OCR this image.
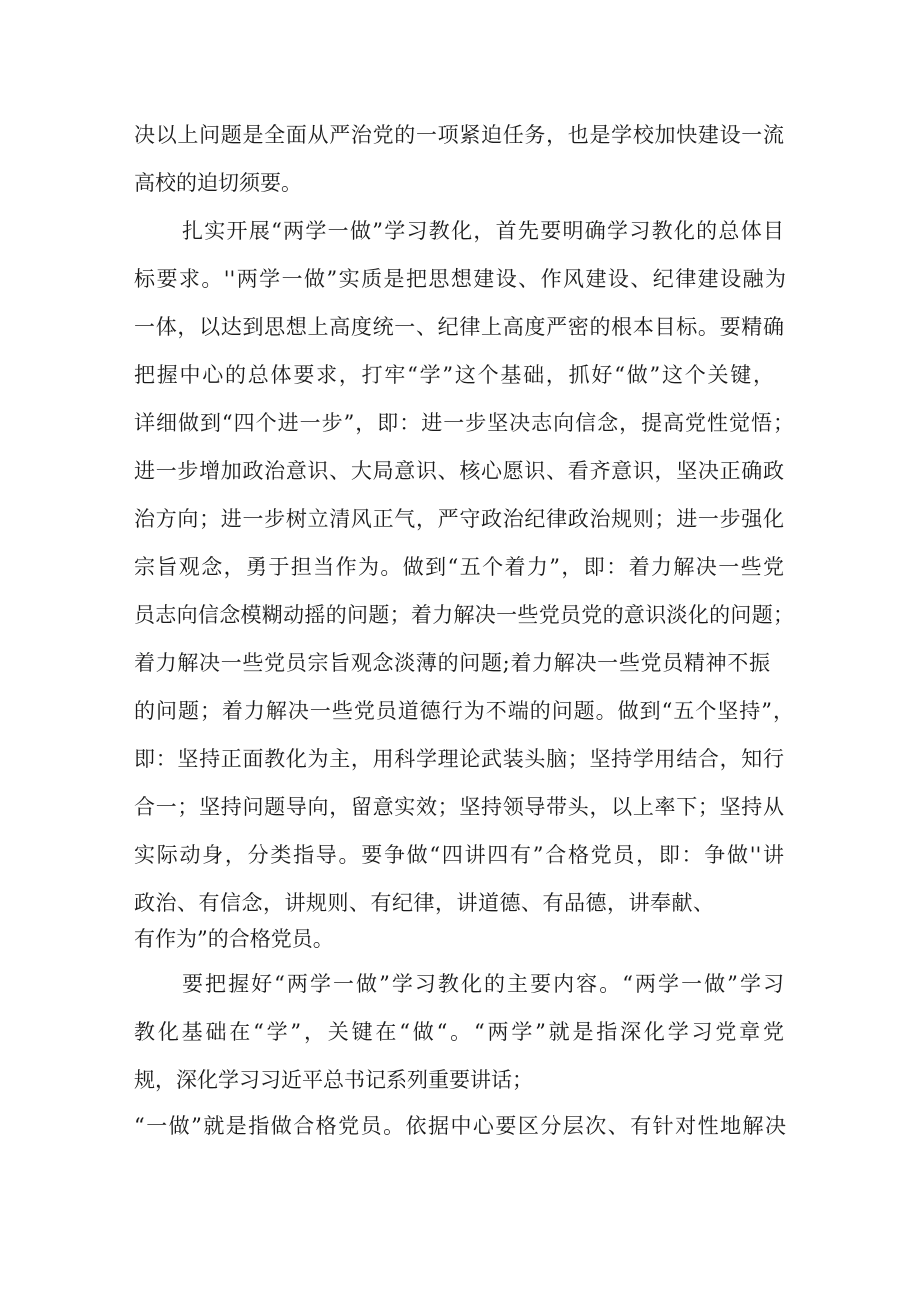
决以上问题是全面从严治党的一项紧迫任务，也是学校加快建设一流
高校的迫切须要。
扎实开展“两学一做”学习教化，首先要明确学习教化的总体目
标要求。''两学一做”实质是把思想建设、作风建设、纪律建设融为
一体，以达到思想上高度统一、纪律上高度严密的根本目标。要精确
把握中心的总体要求，打牢“学”这个基础，抓好“做”这个关键，
详细做到“四个进一步”，即：进一步坚决志向信念，提高党性觉悟；
进一步增加政治意识、大局意识、核心愿识、看齐意识，坚决正确政
治方向；进一步树立清风正气，严守政治纪律政治规则；进一步强化
宗旨观念，勇于担当作为。做到“五个着力”，即：着力解决一些党
员志向信念模糊动摇的问题；着力解决一些党员党的意识淡化的问题；
着力解决一些党员宗旨观念淡薄的问题;着力解决一些党员精神不振
的问题；着力解决一些党员道德行为不端的问题。做到“五个坚持”，
即：坚持正面教化为主，用科学理论武装头脑；坚持学用结合，知行
合一；坚持问题导向，留意实效；坚持领导带头，以上率下；坚持从
实际动身，分类指导。要争做“四讲四有”合格党员，即：争做''讲
政治、有信念，讲规则、有纪律，讲道德、有品德，讲奉献、
有作为”的合格党员。
要把握好“两学一做”学习教化的主要内容。“两学一做”学习
教化基础在“学”，关键在“做“。“两学”就是指深化学习党章党
规，深化学习习近平总书记系列重要讲话；
“一做”就是指做合格党员。依据中心要区分层次、有针对性地解决
